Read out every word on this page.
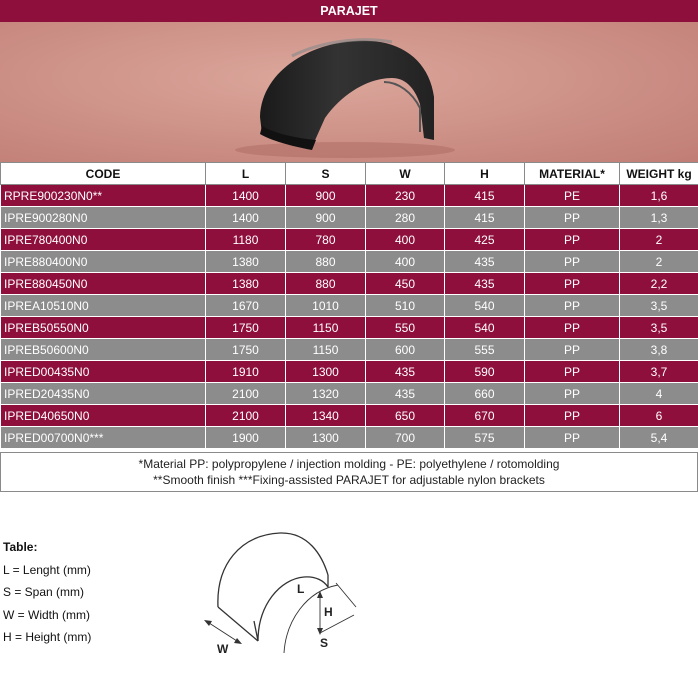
PARAJET
CODE	L	S	W	H	MATERIAL*	WEIGHT kg
RPRE900230N0**	1400	900	230	415	PE	1,6
IPRE900280N0	1400	900	280	415	PP	1,3
IPRE780400N0	1180	780	400	425	PP	2
IPRE880400N0	1380	880	400	435	PP	2
IPRE880450N0	1380	880	450	435	PP	2,2
IPREA10510N0	1670	1010	510	540	PP	3,5
IPREB50550N0	1750	1150	550	540	PP	3,5
IPREB50600N0	1750	1150	600	555	PP	3,8
IPRED00435N0	1910	1300	435	590	PP	3,7
IPRED20435N0	2100	1320	435	660	PP	4
IPRED40650N0	2100	1340	650	670	PP	6
IPRED00700N0***	1900	1300	700	575	PP	5,4
*Material PP: polypropylene / injection molding - PE: polyethylene / rotomolding
**Smooth finish ***Fixing-assisted PARAJET for adjustable nylon brackets
Table:
L = Lenght (mm)
S = Span (mm)
W = Width (mm)
H = Height (mm)
L
H
S
W
